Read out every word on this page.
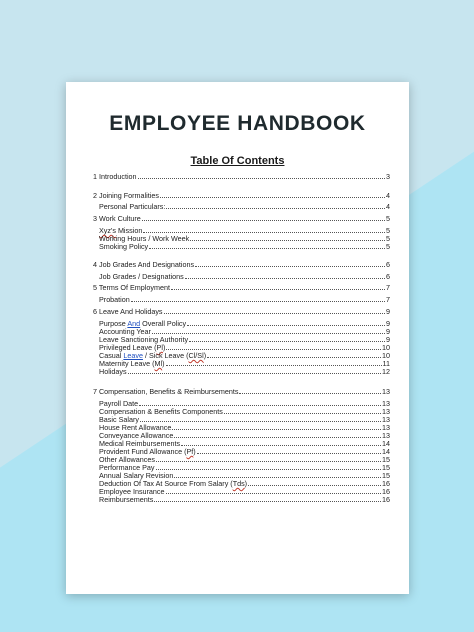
EMPLOYEE HANDBOOK
Table Of Contents
1 Introduction	3
2 Joining Formalities	4
Personal Particulars:	4
3 Work Culture	5
Xyz's Mission	5
Working Hours / Work Week	5
Smoking Policy	5
4 Job Grades And Designations	6
Job Grades / Designations	6
5 Terms Of Employment	7
Probation	7
6 Leave And Holidays	9
Purpose And Overall Policy	9
Accounting Year	9
Leave Sanctioning Authority	9
Privileged Leave (Pl)	10
Casual Leave / Sick Leave (Cl/Sl)	10
Maternity Leave (Ml)	11
Holidays	12
7 Compensation, Benefits & Reimbursements	13
Payroll Date	13
Compensation & Benefits Components	13
Basic Salary	13
House Rent Allowance	13
Conveyance Allowance	13
Medical Reimbursements	14
Provident Fund Allowance (Pf)	14
Other Allowances	15
Performance Pay	15
Annual Salary Revision	15
Deduction Of Tax At Source From Salary (Tds)	16
Employee Insurance	16
Reimbursements	16
